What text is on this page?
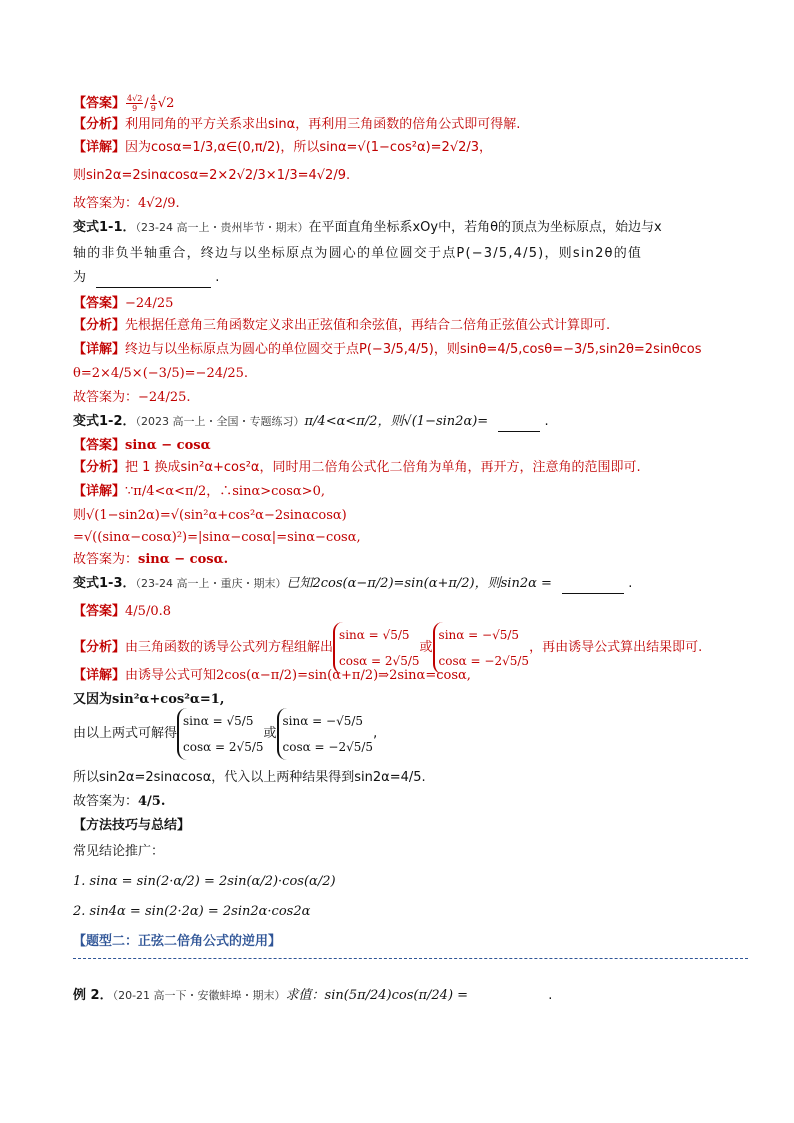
【答案】 $\frac{4√2}{9} / \frac{4}{9} √2$
【分析】利用同角的平方关系求出sinα，再利用三角函数的倍角公式即可得解.
【详解】因为cosα=1/3,α∈(0,π/2)，所以sinα=√(1−cos²α)=2√2/3，
则sin2α=2sinαcosα=2×2√2/3×1/3=4√2/9.
故答案为：4√2/9.
变式1-1．（23-24 高一上・贵州毕节・期末）在平面直角坐标系xOy中，若角θ的顶点为坐标原点，始边与x
轴的非负半轴重合，终边与以坐标原点为圆心的单位圆交于点P(−3/5,4/5)，则sin2θ的值
为	.
【答案】−24/25
【分析】先根据任意角三角函数定义求出正弦值和余弦值，再结合二倍角正弦值公式计算即可.
【详解】终边与以坐标原点为圆心的单位圆交于点P(−3/5,4/5)，则sinθ=4/5,cosθ=−3/5,sin2θ=2sinθcos
θ=2×4/5×(−3/5)=−24/25.
故答案为：−24/25.
变式1-2．（2023 高一上・全国・专题练习）π/4<α<π/2，则√(1−sin2α)=	.
【答案】sinα − cosα
【分析】把 1 换成sin²α+cos²α，同时用二倍角公式化二倍角为单角，再开方，注意角的范围即可.
【详解】∵π/4<α<π/2，∴sinα>cosα>0,
则√(1−sin2α)=√(sin²α+cos²α−2sinαcosα)
=√((sinα−cosα)²)=|sinα−cosα|=sinα−cosα,
故答案为：sinα − cosα.
变式1-3．（23-24 高一上・重庆・期末）已知2cos(α−π/2)=sin(α+π/2)，则sin2α =	.
【答案】4/5/0.8
【分析】由三角函数的诱导公式列方程组解出
sinα = √5/5
cosα = 2√5/5
或
sinα = −√5/5
cosα = −2√5/5
，再由诱导公式算出结果即可.
【详解】由诱导公式可知2cos(α−π/2)=sin(α+π/2)⇒2sinα=cosα,
又因为sin²α+cos²α=1,
由以上两式可解得
sinα = √5/5
cosα = 2√5/5
或
sinα = −√5/5
cosα = −2√5/5
,
所以sin2α=2sinαcosα，代入以上两种结果得到sin2α=4/5.
故答案为：4/5.
【方法技巧与总结】
常见结论推广：
1. sinα = sin(2·α/2) = 2sin(α/2)·cos(α/2)
2. sin4α = sin(2·2α) = 2sin2α·cos2α
【题型二：正弦二倍角公式的逆用】
例 2．（20-21 高一下・安徽蚌埠・期末）求值：sin(5π/24)cos(π/24) =	.
